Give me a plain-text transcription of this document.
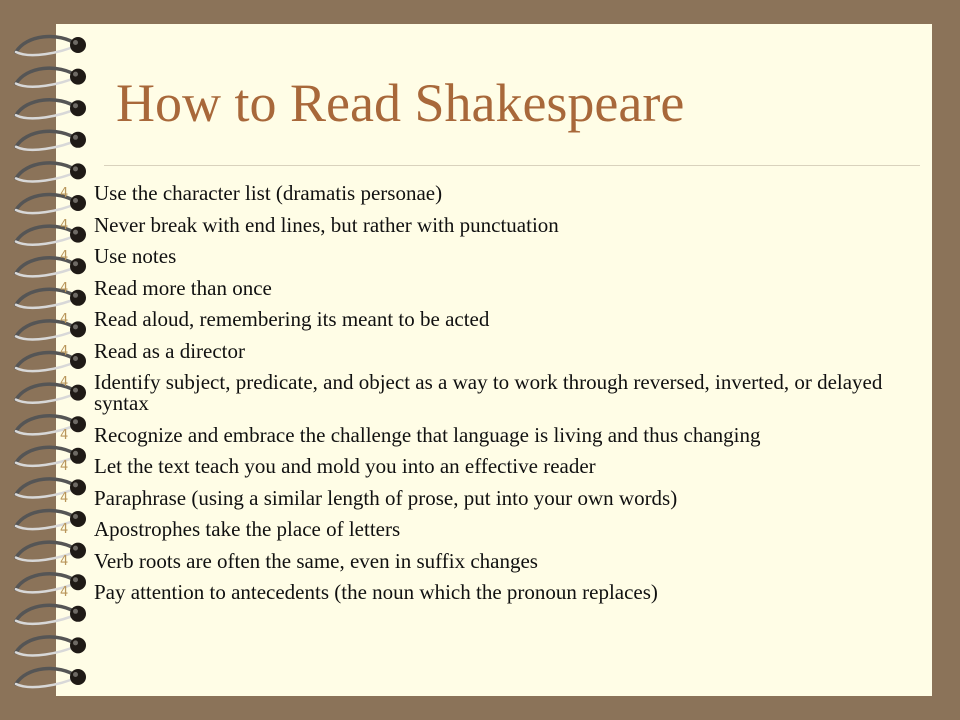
How to Read Shakespeare
4 Use the character list (dramatis personae)
4 Never break with end lines, but rather with punctuation
4 Use notes
4 Read more than once
4 Read aloud, remembering its meant to be acted
4 Read as a director
4 Identify subject, predicate, and object as a way to work through reversed, inverted, or delayed syntax
4 Recognize and embrace the challenge that language is living and thus changing
4 Let the text teach you and mold you into an effective reader
4 Paraphrase (using a similar length of prose, put into your own words)
4 Apostrophes take the place of letters
4 Verb roots are often the same, even in suffix changes
4 Pay attention to antecedents (the noun which the pronoun replaces)
